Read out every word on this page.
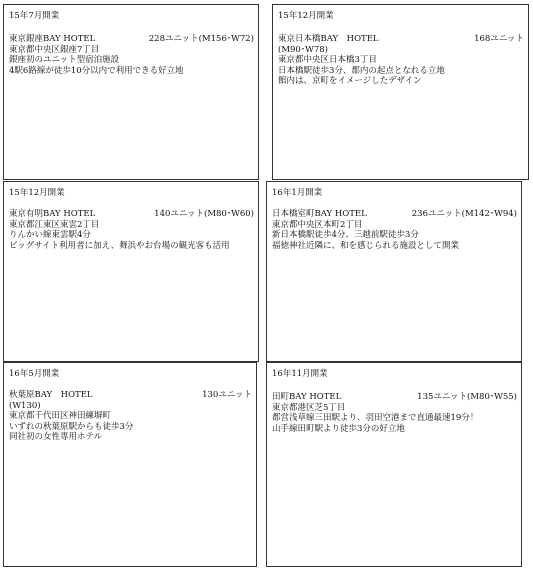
15年7月開業
東京銀座BAY HOTEL	228ユニット(M156･W72)
東京都中央区銀座7丁目
銀座初のユニット型宿泊施設
4駅6路線が徒歩10分以内で利用できる好立地
15年12月開業
東京日本橋BAY　HOTEL	168ユニット
(M90･W78)
東京都中央区日本橋3丁目
日本橋駅徒歩3分、都内の起点となれる立地
館内は、京町をイメージしたデザイン
15年12月開業
東京有明BAY HOTEL	140ユニット(M80･W60)
東京都江東区東雲2丁目
りんかい線東雲駅4分
ビッグサイト利用者に加え、舞浜やお台場の観光客も活用
16年1月開業
日本橋室町BAY HOTEL	236ユニット(M142･W94)
東京都中央区本町2丁目
新日本橋駅徒歩4分、三越前駅徒歩3分
福徳神社近隣に、和を感じられる施設として開業
16年5月開業
秋葉原BAY　HOTEL	130ユニット
(W130)
東京都千代田区神田練塀町
いずれの秋葉原駅からも徒歩3分
同社初の女性専用ホテル
16年11月開業
田町BAY HOTEL	135ユニット(M80･W55)
東京都港区芝5丁目
都営浅草線三田駅より、羽田空港まで直通最速19分！
山手線田町駅より徒歩3分の好立地
